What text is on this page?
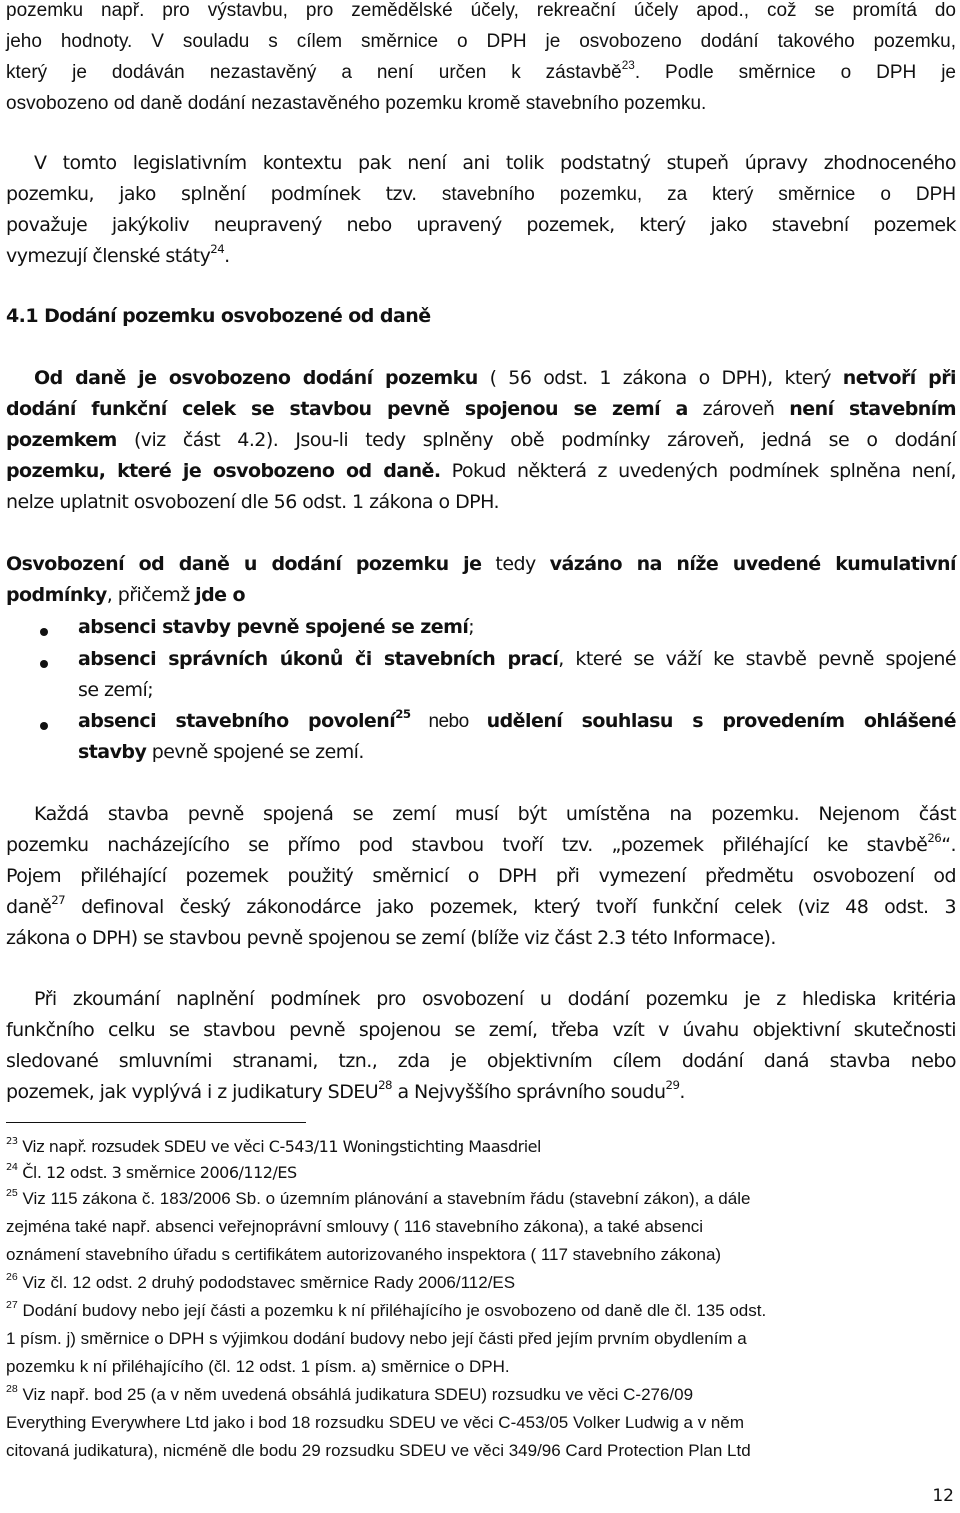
pozemku např. pro výstavbu, pro zemědělské účely, rekreační účely apod., což se promítá do
jeho hodnoty. V souladu s cílem směrnice o DPH je osvobozeno dodání takového pozemku,
který je dodáván nezastavěný a není určen k zástavbě$^{23}$. Podle směrnice o DPH je
osvobozeno od daně dodání nezastavěného pozemku kromě stavebního pozemku.
V tomto legislativním kontextu pak není ani tolik podstatný stupeň úpravy zhodnoceného
pozemku, jako splnění podmínek tzv. stavebního pozemku, za který směrnice o DPH
považuje jakýkoliv neupravený nebo upravený pozemek, který jako stavební pozemek
vymezují členské státy$^{24}$.
4.1 Dodání pozemku osvobozené od daně
Od daně je osvobozeno dodání pozemku ( 56 odst. 1 zákona o DPH), který netvoří při
dodání funkční celek se stavbou pevně spojenou se zemí a zároveň není stavebním
pozemkem (viz část 4.2). Jsou-li tedy splněny obě podmínky zároveň, jedná se o dodání
pozemku, které je osvobozeno od daně. Pokud některá z uvedených podmínek splněna není,
nelze uplatnit osvobození dle 56 odst. 1 zákona o DPH.
Osvobození od daně u dodání pozemku je tedy vázáno na níže uvedené kumulativní
podmínky, přičemž jde o
absenci stavby pevně spojené se zemí;
absenci správních úkonů či stavebních prací, které se váží ke stavbě pevně spojené
se zemí;
absenci stavebního povolení$^{25}$ nebo udělení souhlasu s provedením ohlášené
stavby pevně spojené se zemí.
Každá stavba pevně spojená se zemí musí být umístěna na pozemku. Nejenom část
pozemku nacházejícího se přímo pod stavbou tvoří tzv. „pozemek přiléhající ke stavbě$^{26}$“.
Pojem přiléhající pozemek použitý směrnicí o DPH při vymezení předmětu osvobození od
daně$^{27}$ definoval český zákonodárce jako pozemek, který tvoří funkční celek (viz 48 odst. 3
zákona o DPH) se stavbou pevně spojenou se zemí (blíže viz část 2.3 této Informace).
Při zkoumání naplnění podmínek pro osvobození u dodání pozemku je z hlediska kritéria
funkčního celku se stavbou pevně spojenou se zemí, třeba vzít v úvahu objektivní skutečnosti
sledované smluvními stranami, tzn., zda je objektivním cílem dodání daná stavba nebo
pozemek, jak vyplývá i z judikatury SDEU$^{28}$ a Nejvyššího správního soudu$^{29}$.
$^{23}$ Viz např. rozsudek SDEU ve věci C-543/11 Woningstichting Maasdriel
$^{24}$ Čl. 12 odst. 3 směrnice 2006/112/ES
$^{25}$ Viz 115 zákona č. 183/2006 Sb. o územním plánování a stavebním řádu (stavební zákon), a dále
zejména také např. absenci veřejnoprávní smlouvy ( 116 stavebního zákona), a také absenci
oznámení stavebního úřadu s certifikátem autorizovaného inspektora ( 117 stavebního zákona)
$^{26}$ Viz čl. 12 odst. 2 druhý pododstavec směrnice Rady 2006/112/ES
$^{27}$ Dodání budovy nebo její části a pozemku k ní přiléhajícího je osvobozeno od daně dle čl. 135 odst.
1 písm. j) směrnice o DPH s výjimkou dodání budovy nebo její části před jejím prvním obydlením a
pozemku k ní přiléhajícího (čl. 12 odst. 1 písm. a) směrnice o DPH.
$^{28}$ Viz např. bod 25 (a v něm uvedená obsáhlá judikatura SDEU) rozsudku ve věci C-276/09
Everything Everywhere Ltd jako i bod 18 rozsudku SDEU ve věci C-453/05 Volker Ludwig a v něm
citovaná judikatura), nicméně dle bodu 29 rozsudku SDEU ve věci 349/96 Card Protection Plan Ltd
12
